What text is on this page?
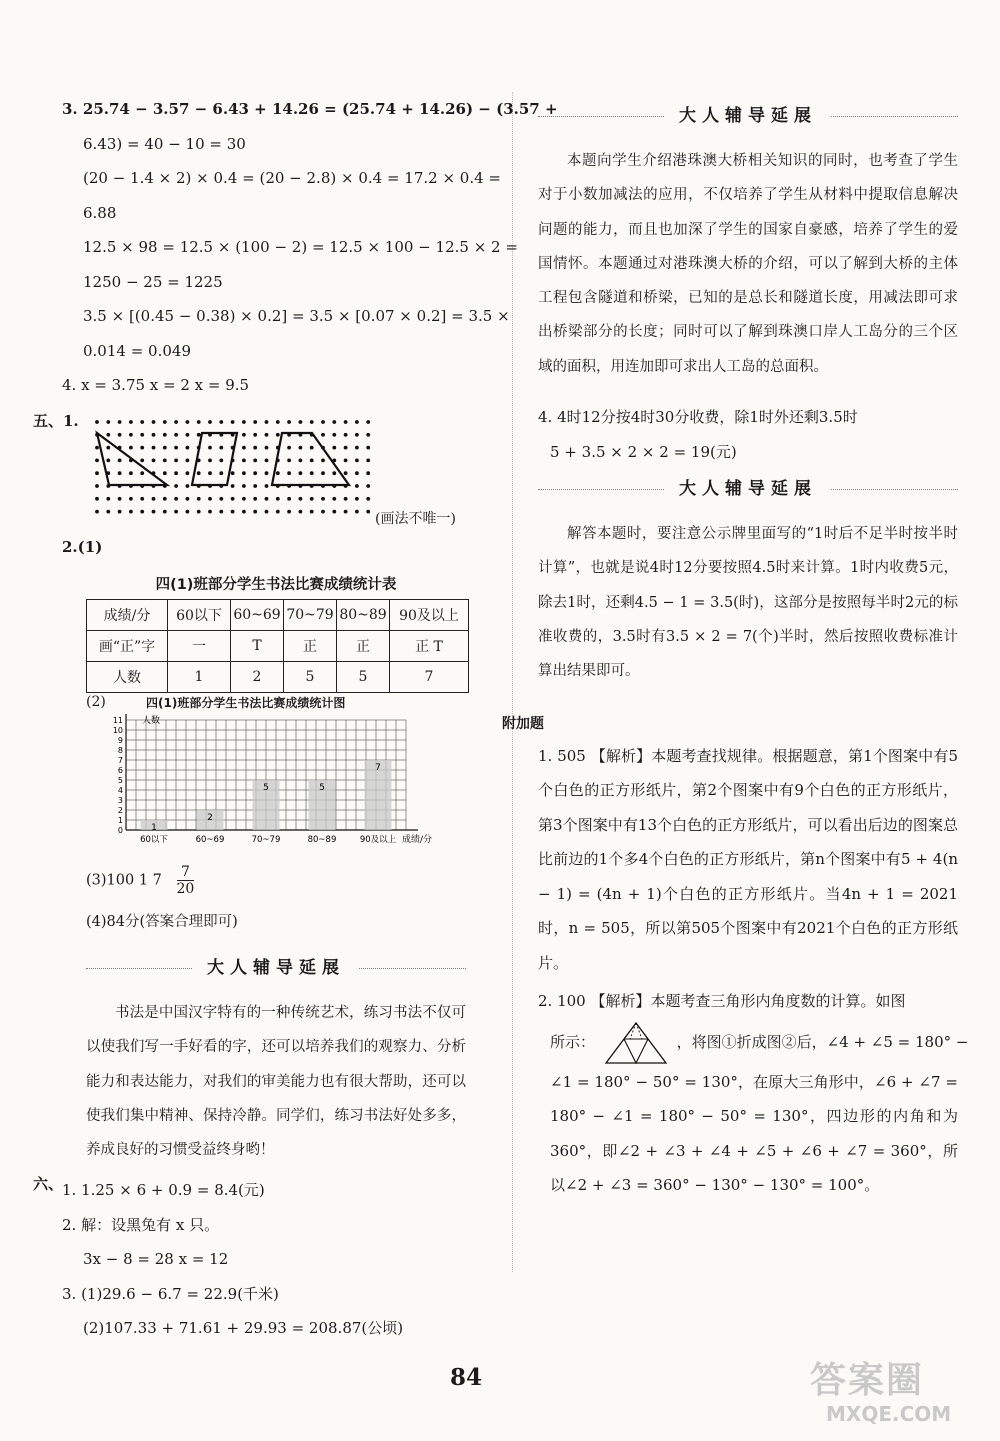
3. 25.74 − 3.57 − 6.43 + 14.26 = (25.74 + 14.26) − (3.57 +
6.43) = 40 − 10 = 30
(20 − 1.4 × 2) × 0.4 = (20 − 2.8) × 0.4 = 17.2 × 0.4 =
6.88
12.5 × 98 = 12.5 × (100 − 2) = 12.5 × 100 − 12.5 × 2 =
1250 − 25 = 1225
3.5 × [(0.45 − 0.38) × 0.2] = 3.5 × [0.07 × 0.2] = 3.5 ×
0.014 = 0.049
4. x = 3.75 x = 2 x = 9.5
五、1.
(画法不唯一)
2.(1)
四(1)班部分学生书法比赛成绩统计表
成绩/分	60以下	60~69	70~79	80~89	90及以上
画“正”字	一	T	正	正	正 T
人数	1	2	5	5	7
(2)	四(1)班部分学生书法比赛成绩统计图
0
1
2
3
4
5
6
7
8
9
10
11
1
60以下
2
60~69
5
70~79
5
80~89
7
90及以上
人数
成绩/分
(3)100 1 $7 \frac{7}{20}$
(4)84分(答案合理即可)
大人辅导延展
书法是中国汉字特有的一种传统艺术，练习书法不仅可以使我们写一手好看的字，还可以培养我们的观察力、分析能力和表达能力，对我们的审美能力也有很大帮助，还可以使我们集中精神、保持冷静。同学们，练习书法好处多多，养成良好的习惯受益终身哟！
六、
1. 1.25 × 6 + 0.9 = 8.4(元)
2. 解：设黑兔有 x 只。
3x − 8 = 28 x = 12
3. (1)29.6 − 6.7 = 22.9(千米)
(2)107.33 + 71.61 + 29.93 = 208.87(公顷)
大人辅导延展
本题向学生介绍港珠澳大桥相关知识的同时，也考查了学生对于小数加减法的应用，不仅培养了学生从材料中提取信息解决问题的能力，而且也加深了学生的国家自豪感，培养了学生的爱国情怀。本题通过对港珠澳大桥的介绍，可以了解到大桥的主体工程包含隧道和桥梁，已知的是总长和隧道长度，用减法即可求出桥梁部分的长度；同时可以了解到珠澳口岸人工岛分的三个区域的面积，用连加即可求出人工岛的总面积。
4. 4时12分按4时30分收费，除1时外还剩3.5时
5 + 3.5 × 2 × 2 = 19(元)
大人辅导延展
解答本题时，要注意公示牌里面写的“1时后不足半时按半时计算”，也就是说4时12分要按照4.5时来计算。1时内收费5元，除去1时，还剩4.5 − 1 = 3.5(时)，这部分是按照每半时2元的标准收费的，3.5时有3.5 × 2 = 7(个)半时，然后按照收费标准计算出结果即可。
附加题
1. 505 【解析】本题考查找规律。根据题意，第1个图案中有5个白色的正方形纸片，第2个图案中有9个白色的正方形纸片，第3个图案中有13个白色的正方形纸片，可以看出后边的图案总比前边的1个多4个白色的正方形纸片，第n个图案中有5 + 4(n − 1) = (4n + 1)个白色的正方形纸片。当4n + 1 = 2021时，n = 505，所以第505个图案中有2021个白色的正方形纸片。
2. 100 【解析】本题考查三角形内角度数的计算。如图
所示：	，将图①折成图②后，∠4 + ∠5 = 180° −
∠1 = 180° − 50° = 130°，在原大三角形中，∠6 + ∠7 = 180° − ∠1 = 180° − 50° = 130°，四边形的内角和为360°，即∠2 + ∠3 + ∠4 + ∠5 + ∠6 + ∠7 = 360°，所以∠2 + ∠3 = 360° − 130° − 130° = 100°。
84	答案圈
MXQE.COM
